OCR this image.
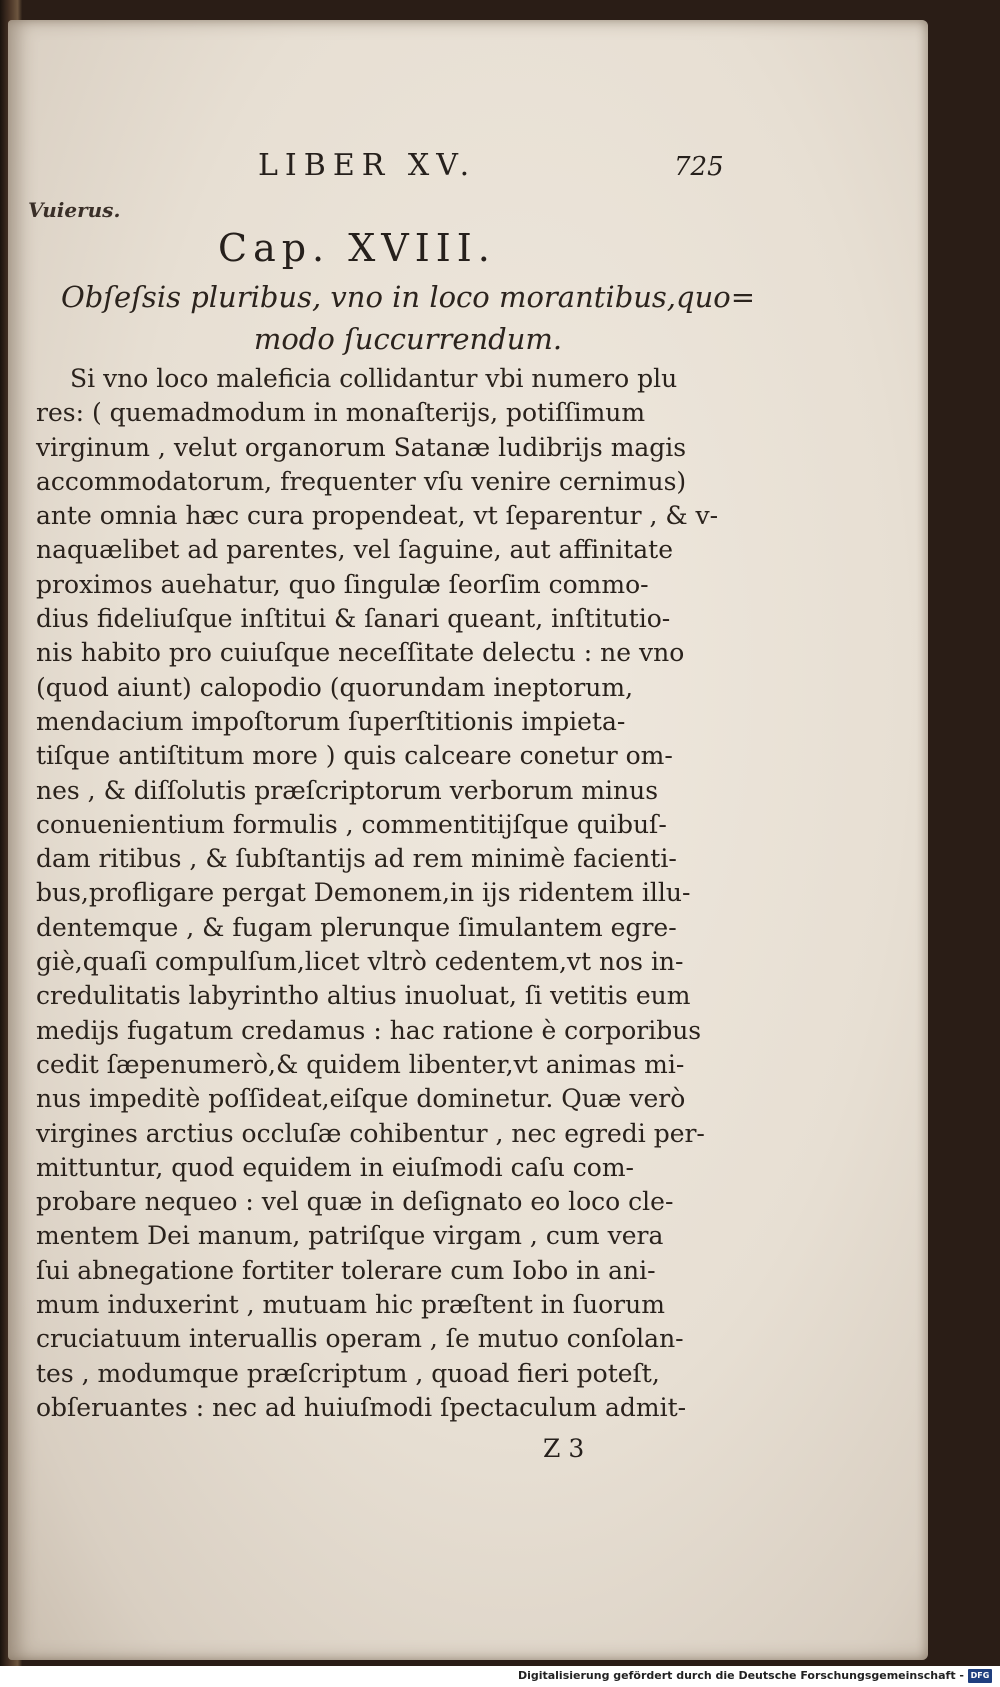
LIBER XV.	725
Vuierus.
Cap. XVIII.
Obſeſsis pluribus, vno in loco morantibus,quo= modo ſuccurrendum.
Si vno loco maleficia collidantur vbi numero plu
res: ( quemadmodum in monaſterijs, potiſſimum
virginum , velut organorum Satanæ ludibrijs magis
accommodatorum, frequenter vſu venire cernimus)
ante omnia hæc cura propendeat, vt ſeparentur , & v-
naquælibet ad parentes, vel ſaguine, aut affinitate
proximos auehatur, quo ſingulæ ſeorſim commo-
dius fideliuſque inſtitui & ſanari queant, inſtitutio-
nis habito pro cuiuſque neceſſitate delectu : ne vno
(quod aiunt) calopodio (quorundam ineptorum,
mendacium impoſtorum ſuperſtitionis impieta-
tiſque antiſtitum more ) quis calceare conetur om-
nes , & diſſolutis præſcriptorum verborum minus
conuenientium formulis , commentitijſque quibuſ-
dam ritibus , & ſubſtantijs ad rem minimè facienti-
bus,profligare pergat Demonem,in ijs ridentem illu-
dentemque , & fugam plerunque ſimulantem egre-
giè,quaſi compulſum,licet vltrò cedentem,vt nos in-
credulitatis labyrintho altius inuoluat, ſi vetitis eum
medijs fugatum credamus : hac ratione è corporibus
cedit ſæpenumerò,& quidem libenter,vt animas mi-
nus impeditè poſſideat,eiſque dominetur. Quæ verò
virgines arctius occluſæ cohibentur , nec egredi per-
mittuntur, quod equidem in eiuſmodi caſu com-
probare nequeo : vel quæ in deſignato eo loco cle-
mentem Dei manum, patriſque virgam , cum vera
ſui abnegatione fortiter tolerare cum Iobo in ani-
mum induxerint , mutuam hic præſtent in ſuorum
cruciatuum interuallis operam , ſe mutuo conſolan-
tes , modumque præſcriptum , quoad fieri poteſt,
obſeruantes : nec ad huiuſmodi ſpectaculum admit-
Z 3
Digitalisierung gefördert durch die Deutsche Forschungsgemeinschaft - DFG
